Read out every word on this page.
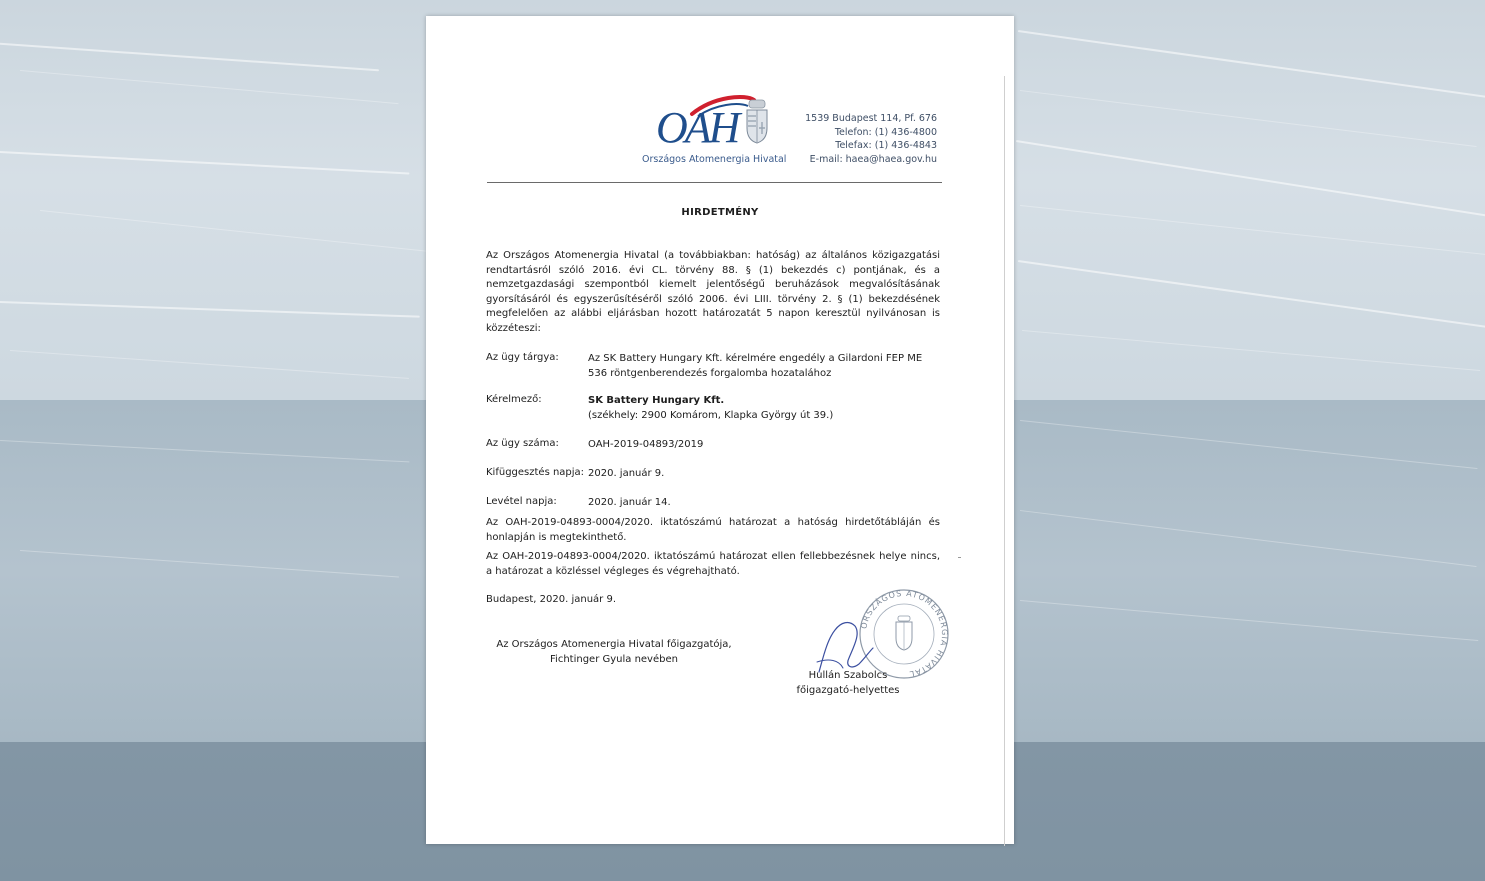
OAH
Országos Atomenergia Hivatal
1539 Budapest 114, Pf. 676
Telefon: (1) 436-4800
Telefax: (1) 436-4843
E-mail: haea@haea.gov.hu
HIRDETMÉNY
Az Országos Atomenergia Hivatal (a továbbiakban: hatóság) az általános közigazgatási rendtartásról szóló 2016. évi CL. törvény 88. § (1) bekezdés c) pontjának, és a nemzetgazdasági szempontból kiemelt jelentőségű beruházások megvalósításának gyorsításáról és egyszerűsítéséről szóló 2006. évi LIII. törvény 2. § (1) bekezdésének megfelelően az alábbi eljárásban hozott határozatát 5 napon keresztül nyilvánosan is közzéteszi:
Az ügy tárgya:	Az SK Battery Hungary Kft. kérelmére engedély a Gilardoni FEP ME 536 röntgenberendezés forgalomba hozatalához
Kérelmező:	SK Battery Hungary Kft.
(székhely: 2900 Komárom, Klapka György út 39.)
Az ügy száma:	OAH-2019-04893/2019
Kifüggesztés napja: 2020. január 9.
Levétel napja:	2020. január 14.
Az OAH-2019-04893-0004/2020. iktatószámú határozat a hatóság hirdetőtábláján és honlapján is megtekinthető.
Az OAH-2019-04893-0004/2020. iktatószámú határozat ellen fellebbezésnek helye nincs, a határozat a közléssel végleges és végrehajtható.
Budapest, 2020. január 9.
Az Országos Atomenergia Hivatal főigazgatója,
Fichtinger Gyula nevében
ORSZÁGOS ATOMENERGIA HIVATAL
Hullán Szabolcs
főigazgató-helyettes
